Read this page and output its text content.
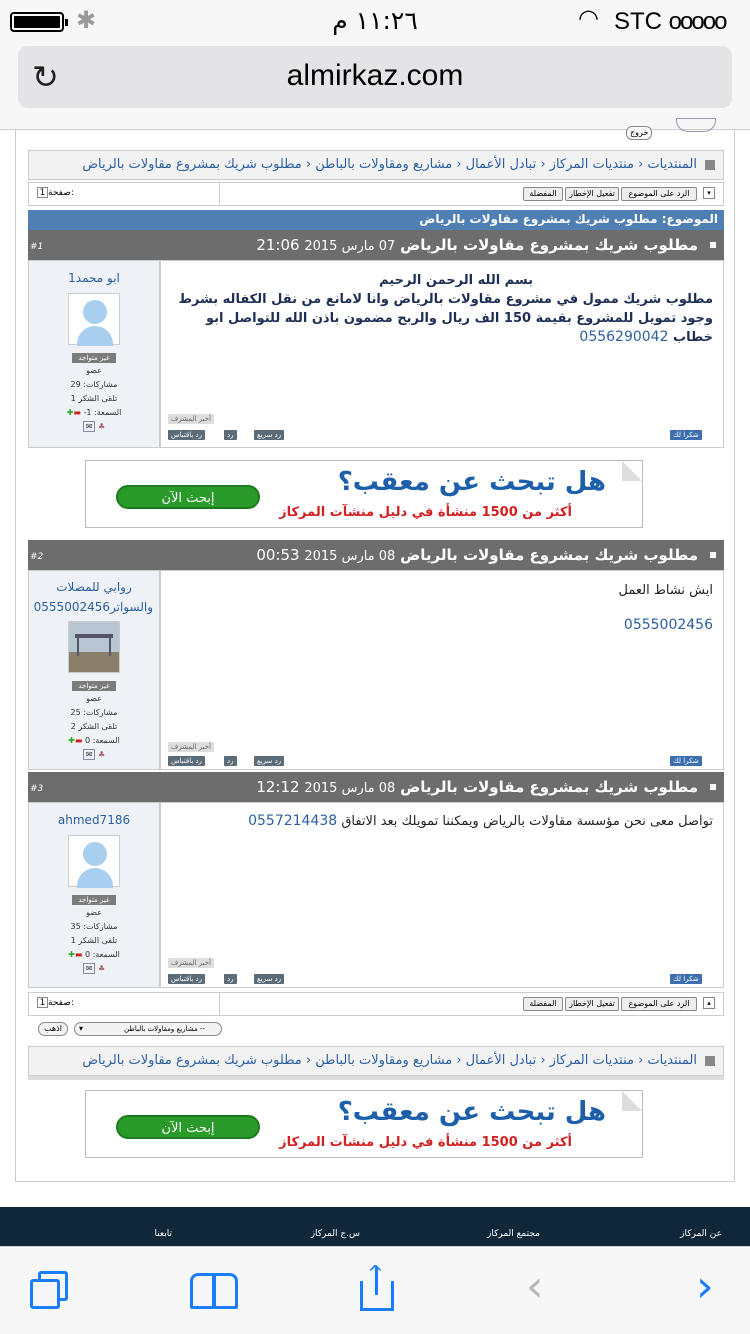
✱	١١:٢٦ م	◠ STC ooooo
↻	almirkaz.com
خروج
المنتديات ‹ منتديات المركاز ‹ تبادل الأعمال ‹ مشاريع ومقاولات بالباطن ‹ مطلوب شريك بمشروع مقاولات بالرياض
▾
الرد على الموضوع
تفعيل الإخطار
المفضلة
1 صفحة:
الموضوع: مطلوب شريك بمشروع مقاولات بالرياض
#1	مطلوب شريك بمشروع مقاولات بالرياض 07 مارس 2015 21:06
ابو محمد1
غير متواجد
عضو
مشاركات: 29
تلقى الشكر 1
السمعة: 1- ▬✚
♣ ✉
بسم الله الرحمن الرحيم
مطلوب شريك ممول في مشروع مقاولات بالرياض وانا لامانع من نقل الكفاله بشرط
وجود تمويل للمشروع بقيمة 150 الف ريال والربح مضمون باذن الله للتواصل ابو
خطاب 0556290042
أخبر المشرف
شكرا لك
رد سريع
رد
رد باقتباس
هل تبحث عن معقب؟
أكثر من 1500 منشأة في دليل منشآت المركاز
إبحث الآن
#2	مطلوب شريك بمشروع مقاولات بالرياض 08 مارس 2015 00:53
روابي للمضلات والسواتر0555002456
غير متواجد
عضو
مشاركات: 25
تلقى الشكر 2
السمعة: 0 ▬✚
♣ ✉
ايش نشاط العمل
0555002456
أخبر المشرف
شكرا لك
رد سريع
رد
رد باقتباس
#3	مطلوب شريك بمشروع مقاولات بالرياض 08 مارس 2015 12:12
ahmed7186
غير متواجد
عضو
مشاركات: 35
تلقى الشكر 1
السمعة: 0 ▬✚
♣ ✉
تواصل معى نحن مؤسسة مقاولات بالرياض ويمكننا تمويلك بعد الاتفاق 0557214438
أخبر المشرف
شكرا لك
رد سريع
رد
رد باقتباس
▴
الرد على الموضوع
تفعيل الإخطار
المفضلة
1 صفحة:
اذهب	-- مشاريع ومقاولات بالباطن
▾
المنتديات ‹ منتديات المركاز ‹ تبادل الأعمال ‹ مشاريع ومقاولات بالباطن ‹ مطلوب شريك بمشروع مقاولات بالرياض
هل تبحث عن معقب؟
أكثر من 1500 منشأة في دليل منشآت المركاز
إبحث الآن
عن المركاز
مجتمع المركاز
س.ج المركاز
تابعنا
^	‹	›
